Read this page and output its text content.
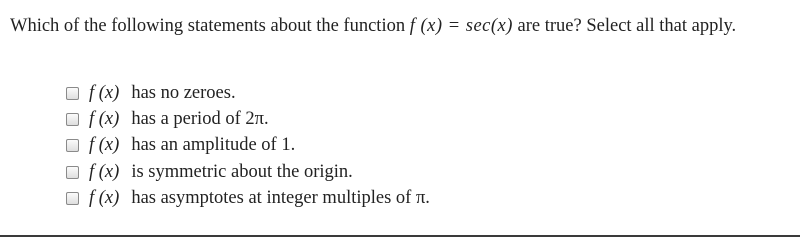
Which of the following statements about the function f (x) = sec(x) are true? Select all that apply.

f (x) has no zeroes.
f (x) has a period of 2π.
f (x) has an amplitude of 1.
f (x) is symmetric about the origin.
f (x) has asymptotes at integer multiples of π.
